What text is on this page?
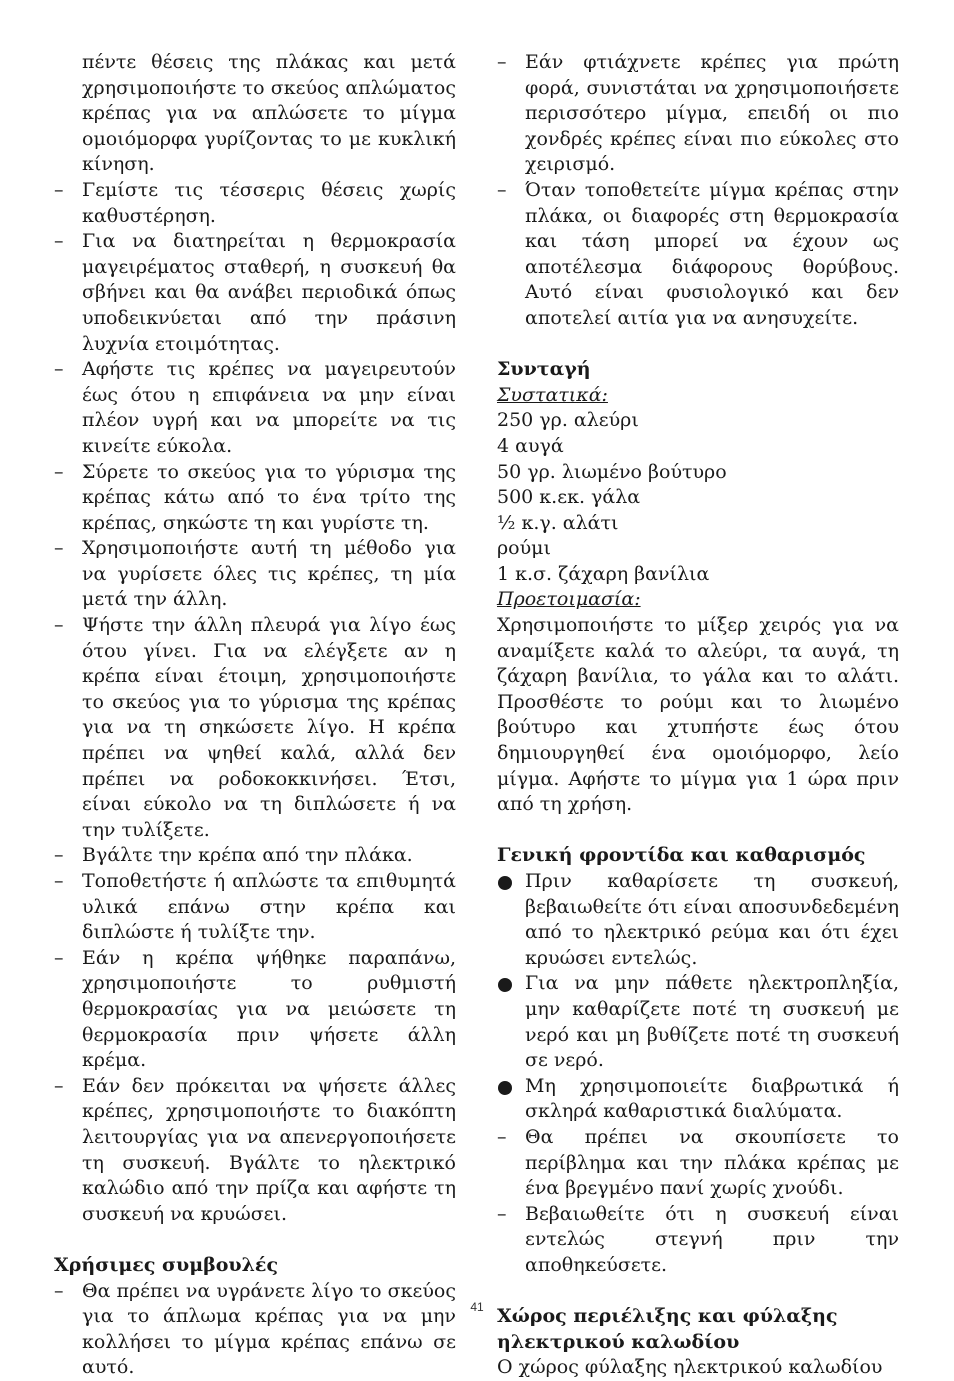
πέντε θέσεις της πλάκας και μετά χρησιμοποιήστε το σκεύος απλώματος κρέπας για να απλώσετε το μίγμα ομοιόμορφα γυρίζοντας το με κυκλική κίνηση.
– Γεμίστε τις τέσσερις θέσεις χωρίς καθυστέρηση.
– Για να διατηρείται η θερμοκρασία μαγειρέματος σταθερή, η συσκευή θα σβήνει και θα ανάβει περιοδικά όπως υποδεικνύεται από την πράσινη λυχνία ετοιμότητας.
– Αφήστε τις κρέπες να μαγειρευτούν έως ότου η επιφάνεια να μην είναι πλέον υγρή και να μπορείτε να τις κινείτε εύκολα.
– Σύρετε το σκεύος για το γύρισμα της κρέπας κάτω από το ένα τρίτο της κρέπας, σηκώστε τη και γυρίστε τη.
– Χρησιμοποιήστε αυτή τη μέθοδο για να γυρίσετε όλες τις κρέπες, τη μία μετά την άλλη.
– Ψήστε την άλλη πλευρά για λίγο έως ότου γίνει. Για να ελέγξετε αν η κρέπα είναι έτοιμη, χρησιμοποιήστε το σκεύος για το γύρισμα της κρέπας για να τη σηκώσετε λίγο. Η κρέπα πρέπει να ψηθεί καλά, αλλά δεν πρέπει να ροδοκοκκινήσει. Έτσι, είναι εύκολο να τη διπλώσετε ή να την τυλίξετε.
– Βγάλτε την κρέπα από την πλάκα.
– Τοποθετήστε ή απλώστε τα επιθυμητά υλικά επάνω στην κρέπα και διπλώστε ή τυλίξτε την.
– Εάν η κρέπα ψήθηκε παραπάνω, χρησιμοποιήστε το ρυθμιστή θερμοκρασίας για να μειώσετε τη θερμοκρασία πριν ψήσετε άλλη κρέμα.
– Εάν δεν πρόκειται να ψήσετε άλλες κρέπες, χρησιμοποιήστε το διακόπτη λειτουργίας για να απενεργοποιήσετε τη συσκευή. Βγάλτε το ηλεκτρικό καλώδιο από την πρίζα και αφήστε τη συσκευή να κρυώσει.
Χρήσιμες συμβουλές
– Θα πρέπει να υγράνετε λίγο το σκεύος για το άπλωμα κρέπας για να μην κολλήσει το μίγμα κρέπας επάνω σε αυτό.
– Εάν φτιάχνετε κρέπες για πρώτη φορά, συνιστάται να χρησιμοποιήσετε περισσότερο μίγμα, επειδή οι πιο χονδρές κρέπες είναι πιο εύκολες στο χειρισμό.
– Όταν τοποθετείτε μίγμα κρέπας στην πλάκα, οι διαφορές στη θερμοκρασία και τάση μπορεί να έχουν ως αποτέλεσμα διάφορους θορύβους. Αυτό είναι φυσιολογικό και δεν αποτελεί αιτία για να ανησυχείτε.
Συνταγή
Συστατικά:
250 γρ. αλεύρι
4 αυγά
50 γρ. λιωμένο βούτυρο
500 κ.εκ. γάλα
½ κ.γ. αλάτι
ρούμι
1 κ.σ. ζάχαρη βανίλια
Προετοιμασία:
Χρησιμοποιήστε το μίξερ χειρός για να αναμίξετε καλά το αλεύρι, τα αυγά, τη ζάχαρη βανίλια, το γάλα και το αλάτι. Προσθέστε το ρούμι και το λιωμένο βούτυρο και χτυπήστε έως ότου δημιουργηθεί ένα ομοιόμορφο, λείο μίγμα. Αφήστε το μίγμα για 1 ώρα πριν από τη χρήση.
Γενική φροντίδα και καθαρισμός
Πριν καθαρίσετε τη συσκευή, βεβαιωθείτε ότι είναι αποσυνδεδεμένη από το ηλεκτρικό ρεύμα και ότι έχει κρυώσει εντελώς.
Για να μην πάθετε ηλεκτροπληξία, μην καθαρίζετε ποτέ τη συσκευή με νερό και μη βυθίζετε ποτέ τη συσκευή σε νερό.
Μη χρησιμοποιείτε διαβρωτικά ή σκληρά καθαριστικά διαλύματα.
– Θα πρέπει να σκουπίσετε το περίβλημα και την πλάκα κρέπας με ένα βρεγμένο πανί χωρίς χνούδι.
– Βεβαιωθείτε ότι η συσκευή είναι εντελώς στεγνή πριν την αποθηκεύσετε.
Χώρος περιέλιξης και φύλαξης ηλεκτρικού καλωδίου
Ο χώρος φύλαξης ηλεκτρικού καλωδίου
41
